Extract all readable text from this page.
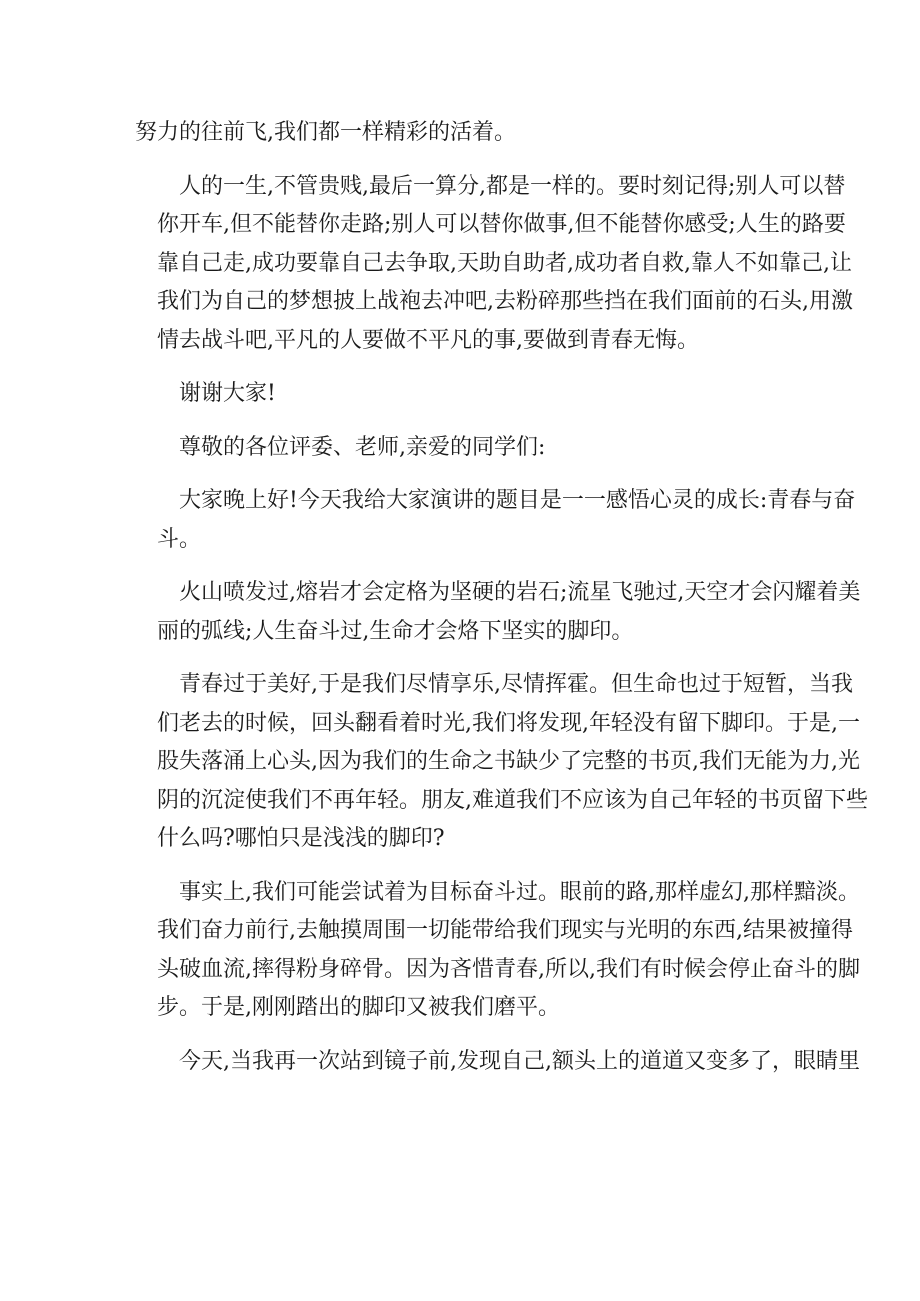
努力的往前飞,我们都一样精彩的活着。

人的一生,不管贵贱,最后一算分,都是一样的。要时刻记得;别人可以替
你开车,但不能替你走路;别人可以替你做事,但不能替你感受;人生的路要
靠自己走,成功要靠自己去争取,天助自助者,成功者自救,靠人不如靠己,让
我们为自己的梦想披上战袍去冲吧,去粉碎那些挡在我们面前的石头,用激
情去战斗吧,平凡的人要做不平凡的事,要做到青春无悔。

谢谢大家!

尊敬的各位评委、老师,亲爱的同学们:

大家晚上好!今天我给大家演讲的题目是一一感悟心灵的成长:青春与奋
斗。

火山喷发过,熔岩才会定格为坚硬的岩石;流星飞驰过,天空才会闪耀着美
丽的弧线;人生奋斗过,生命才会烙下坚实的脚印。

青春过于美好,于是我们尽情享乐,尽情挥霍。但生命也过于短暂，当我
们老去的时候，回头翻看着时光,我们将发现,年轻没有留下脚印。于是,一
股失落涌上心头,因为我们的生命之书缺少了完整的书页,我们无能为力,光
阴的沉淀使我们不再年轻。朋友,难道我们不应该为自己年轻的书页留下些
什么吗?哪怕只是浅浅的脚印?

事实上,我们可能尝试着为目标奋斗过。眼前的路,那样虚幻,那样黯淡。
我们奋力前行,去触摸周围一切能带给我们现实与光明的东西,结果被撞得
头破血流,摔得粉身碎骨。因为吝惜青春,所以,我们有时候会停止奋斗的脚
步。于是,刚刚踏出的脚印又被我们磨平。

今天,当我再一次站到镜子前,发现自己,额头上的道道又变多了，眼睛里
